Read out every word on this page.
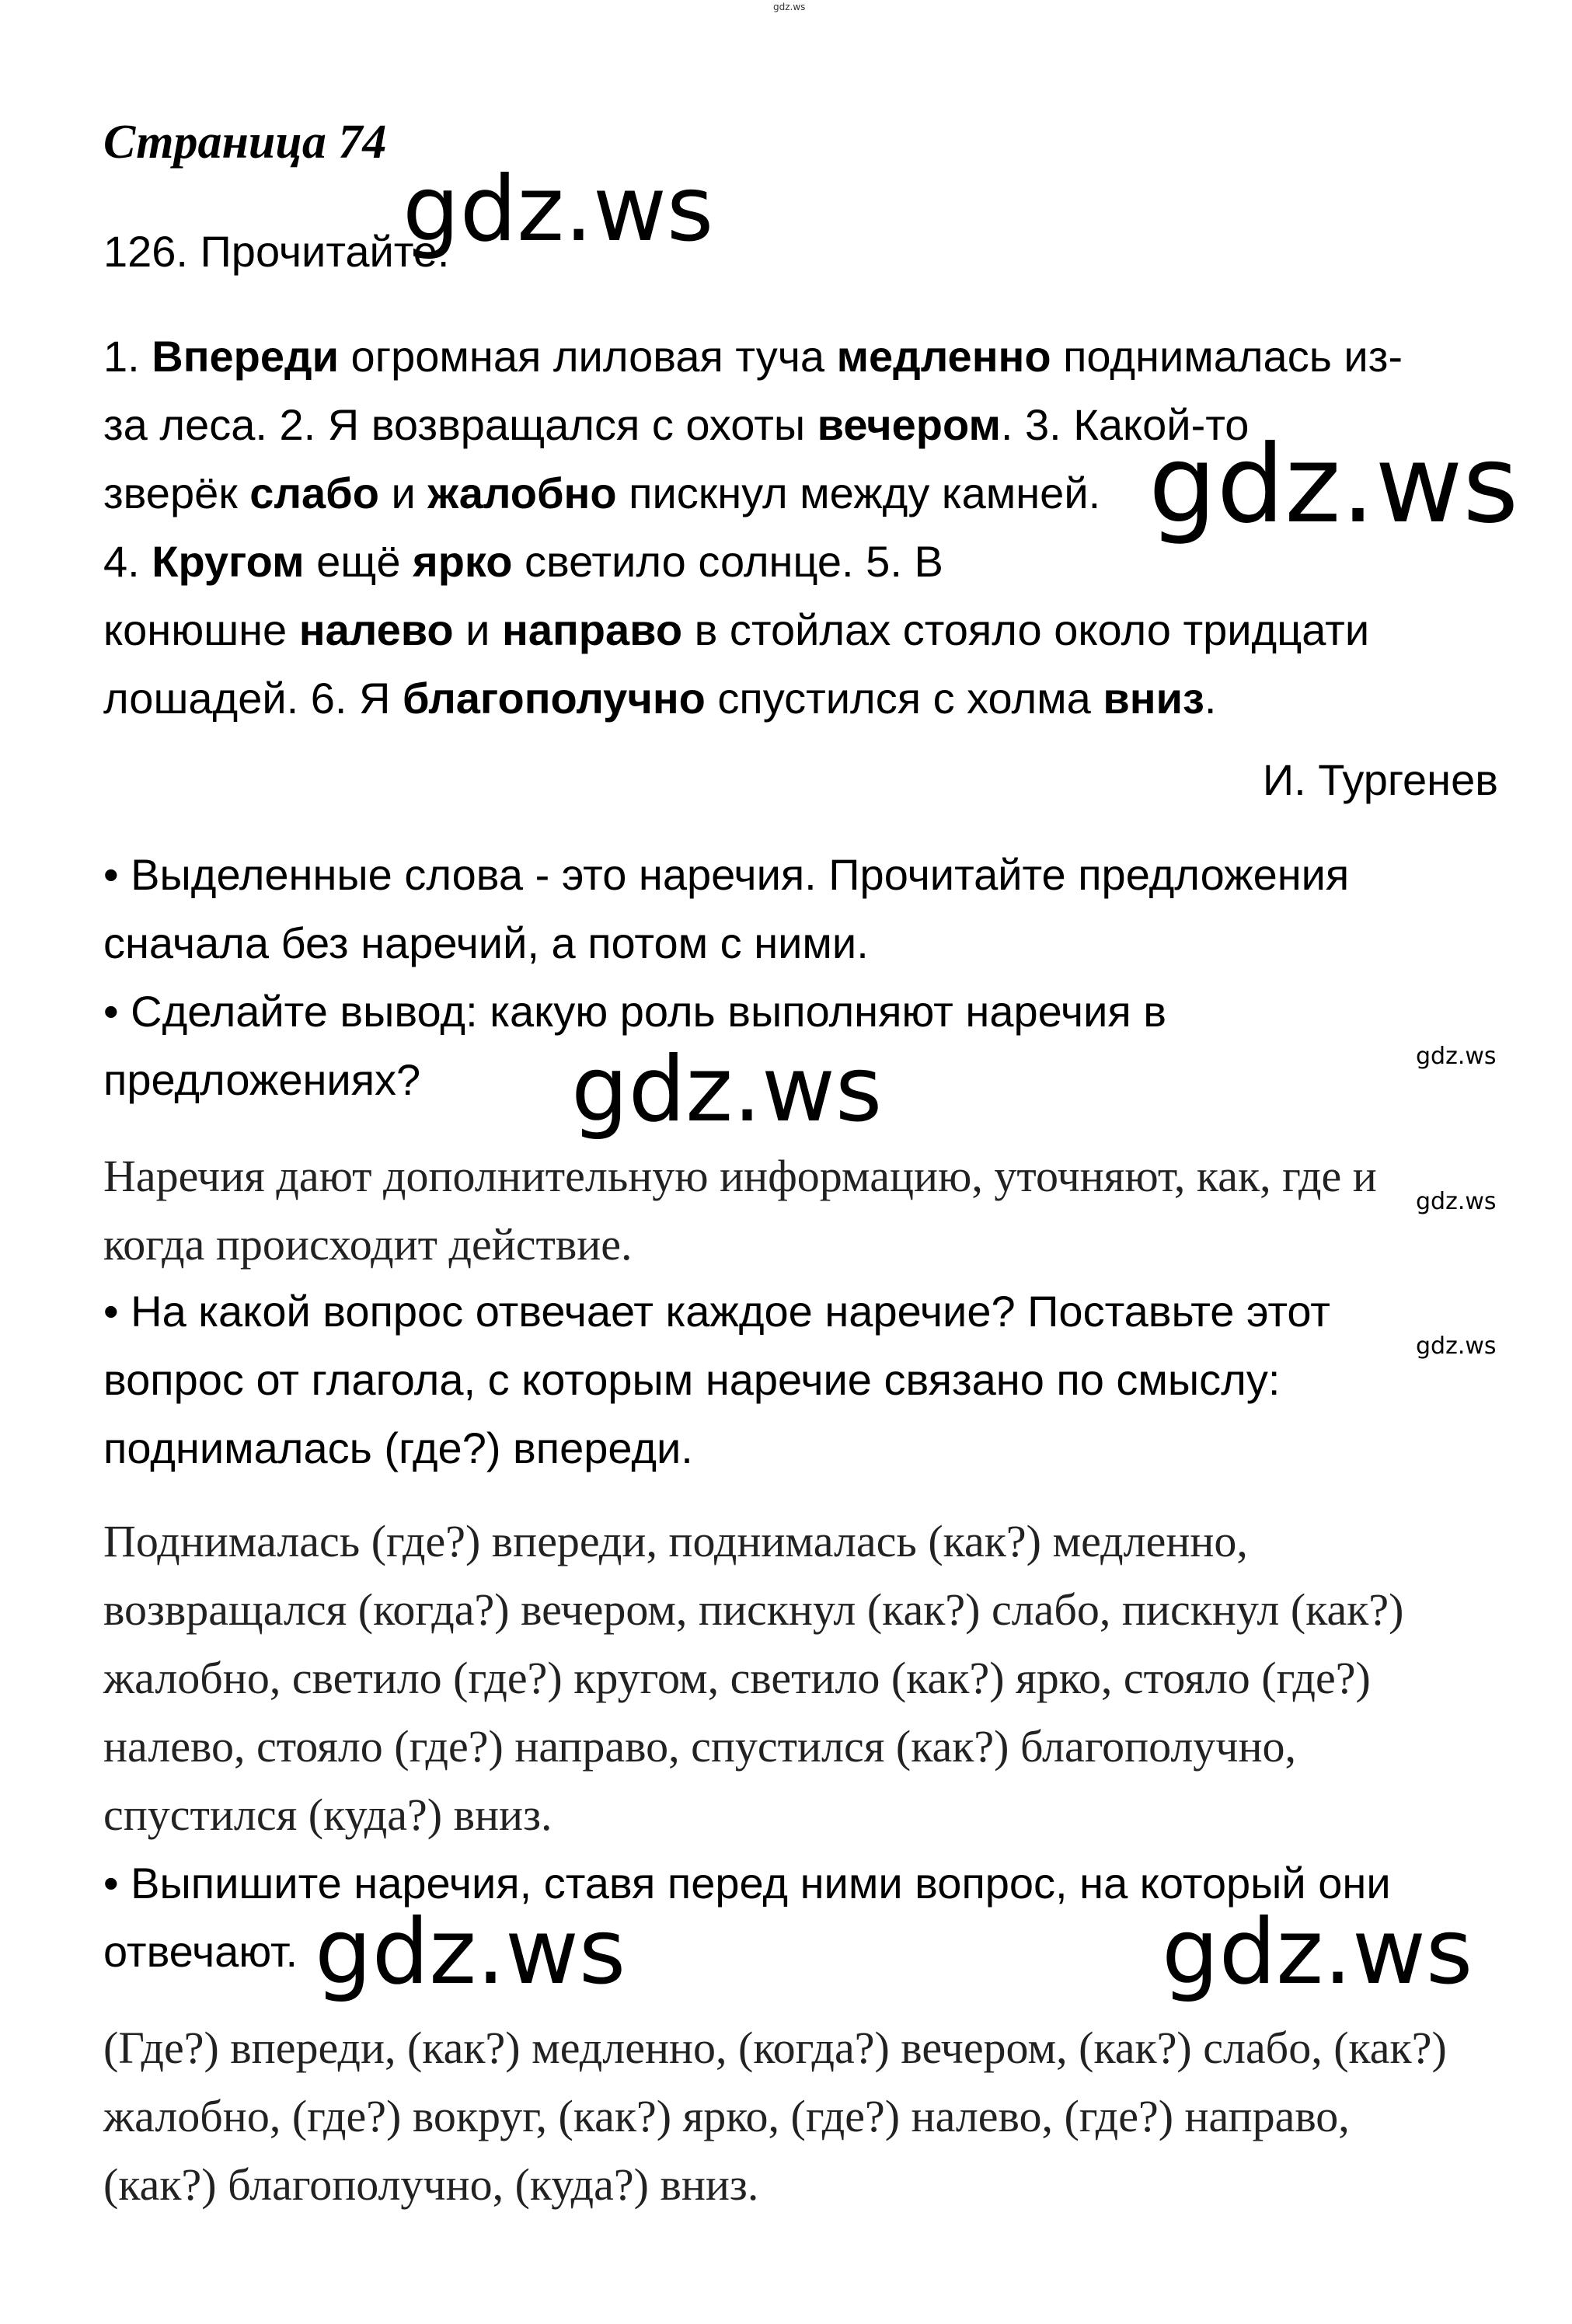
gdz.ws
Страница 74
gdz.ws
126. Прочитайте.
1. Впереди огромная лиловая туча медленно поднималась из-
за леса. 2. Я возвращался с охоты вечером. 3. Какой-то
зверёк слабо и жалобно пискнул между камней.
4. Кругом ещё ярко светило солнце. 5. В
конюшне налево и направо в стойлах стояло около тридцати
лошадей. 6. Я благополучно спустился с холма вниз.
gdz.ws
И. Тургенев
• Выделенные слова - это наречия. Прочитайте предложения
сначала без наречий, а потом с ними.
• Сделайте вывод: какую роль выполняют наречия в
предложениях? gdz.ws	gdz.ws
Наречия дают дополнительную информацию, уточняют, как, где и
когда происходит действие.
gdz.ws
• На какой вопрос отвечает каждое наречие? Поставьте этот
вопрос от глагола, с которым наречие связано по смыслу:
поднималась (где?) впереди.
gdz.ws
Поднималась (где?) впереди, поднималась (как?) медленно,
возвращался (когда?) вечером, пискнул (как?) слабо, пискнул (как?)
жалобно, светило (где?) кругом, светило (как?) ярко, стояло (где?)
налево, стояло (где?) направо, спустился (как?) благополучно,
спустился (куда?) вниз.
• Выпишите наречия, ставя перед ними вопрос, на который они
отвечают. gdz.ws	gdz.ws
(Где?) впереди, (как?) медленно, (когда?) вечером, (как?) слабо, (как?)
жалобно, (где?) вокруг, (как?) ярко, (где?) налево, (где?) направо,
(как?) благополучно, (куда?) вниз.
